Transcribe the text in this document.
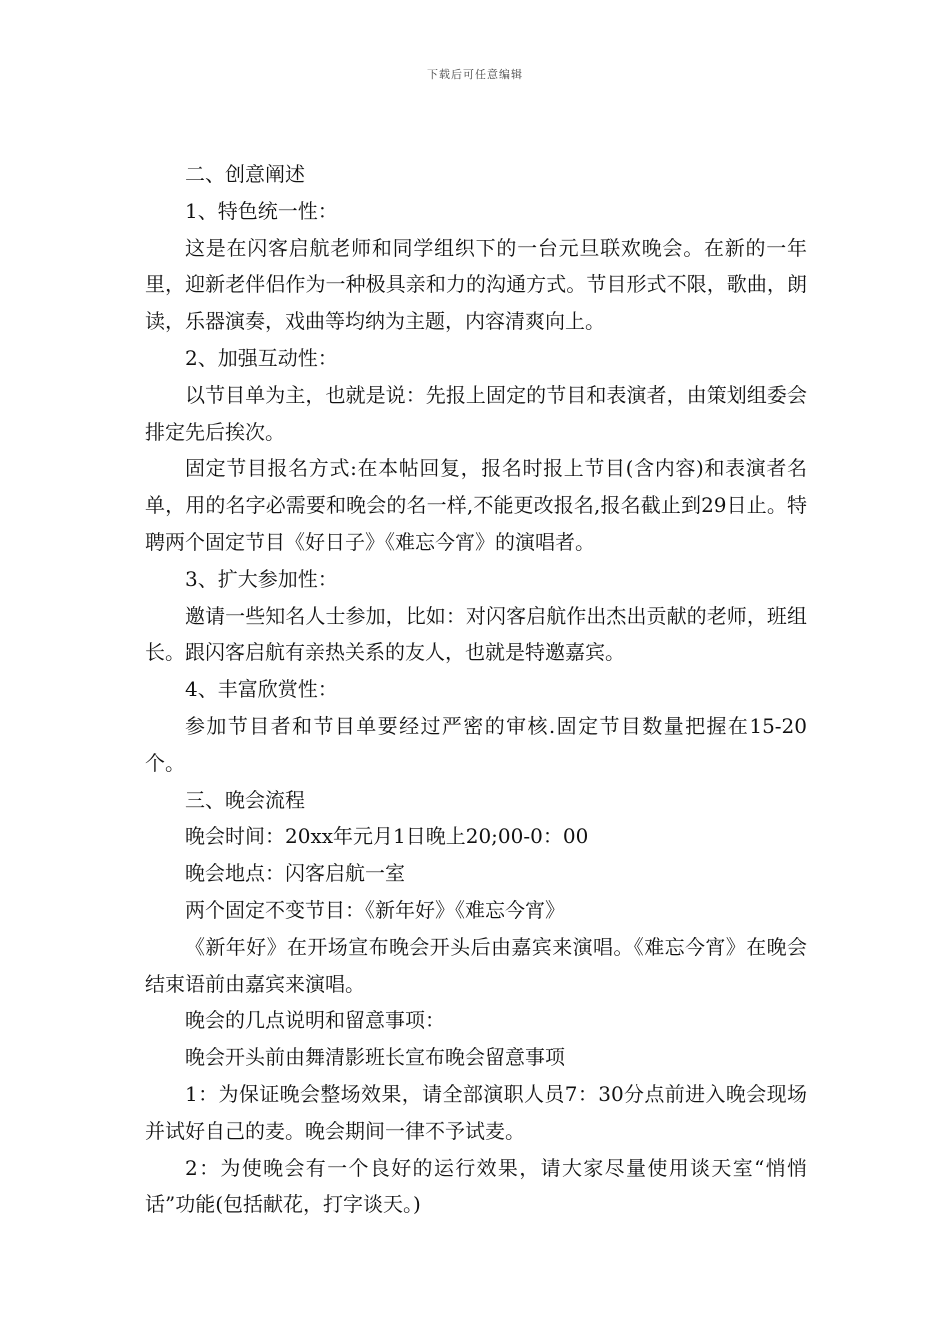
下载后可任意编辑

二、创意阐述

1、特色统一性：

这是在闪客启航老师和同学组织下的一台元旦联欢晚会。在新的一年里，迎新老伴侣作为一种极具亲和力的沟通方式。节目形式不限，歌曲，朗读，乐器演奏，戏曲等均纳为主题，内容清爽向上。

2、加强互动性：

以节目单为主，也就是说：先报上固定的节目和表演者，由策划组委会排定先后挨次。

固定节目报名方式:在本帖回复，报名时报上节目(含内容)和表演者名单，用的名字必需要和晚会的名一样,不能更改报名,报名截止到29日止。特聘两个固定节目《好日子》《难忘今宵》的演唱者。

3、扩大参加性：

邀请一些知名人士参加，比如：对闪客启航作出杰出贡献的老师，班组长。跟闪客启航有亲热关系的友人，也就是特邀嘉宾。

4、丰富欣赏性：

参加节目者和节目单要经过严密的审核.固定节目数量把握在15-20个。

三、晚会流程

晚会时间：20xx年元月1日晚上20;00-0：00

晚会地点：闪客启航一室

两个固定不变节目：《新年好》《难忘今宵》

《新年好》在开场宣布晚会开头后由嘉宾来演唱。《难忘今宵》在晚会结束语前由嘉宾来演唱。

晚会的几点说明和留意事项：

晚会开头前由舞清影班长宣布晚会留意事项

1：为保证晚会整场效果，请全部演职人员7：30分点前进入晚会现场并试好自己的麦。晚会期间一律不予试麦。

2：为使晚会有一个良好的运行效果，请大家尽量使用谈天室“悄悄话”功能(包括献花，打字谈天。)
